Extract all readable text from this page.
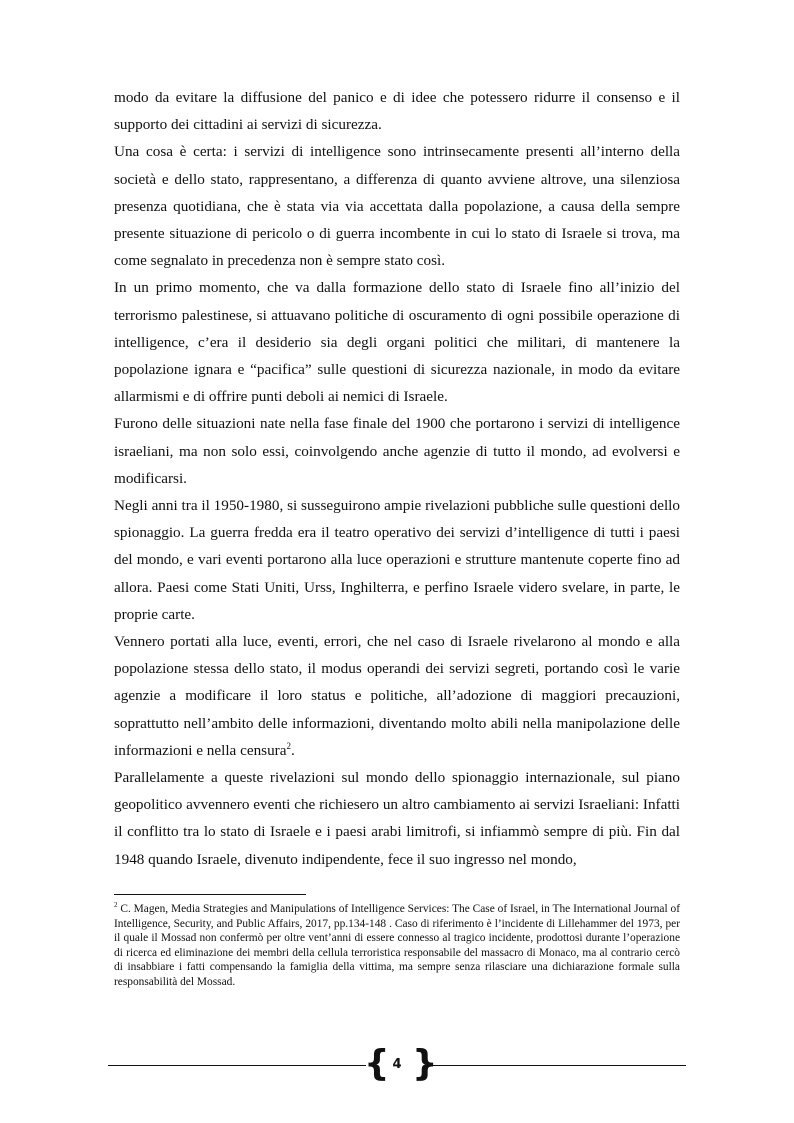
modo da evitare la diffusione del panico e di idee che potessero ridurre il consenso e il supporto dei cittadini ai servizi di sicurezza.

Una cosa è certa: i servizi di intelligence sono intrinsecamente presenti all’interno della società e dello stato, rappresentano, a differenza di quanto avviene altrove, una silenziosa presenza quotidiana, che è stata via via accettata dalla popolazione, a causa della sempre presente situazione di pericolo o di guerra incombente in cui lo stato di Israele si trova, ma come segnalato in precedenza non è sempre stato così.

In un primo momento, che va dalla formazione dello stato di Israele fino all’inizio del terrorismo palestinese, si attuavano politiche di oscuramento di ogni possibile operazione di intelligence, c’era il desiderio sia degli organi politici che militari, di mantenere la popolazione ignara e “pacifica” sulle questioni di sicurezza nazionale, in modo da evitare allarmismi e di offrire punti deboli ai nemici di Israele.

Furono delle situazioni nate nella fase finale del 1900 che portarono i servizi di intelligence israeliani, ma non solo essi, coinvolgendo anche agenzie di tutto il mondo, ad evolversi e modificarsi.

Negli anni tra il 1950-1980, si susseguirono ampie rivelazioni pubbliche sulle questioni dello spionaggio. La guerra fredda era il teatro operativo dei servizi d’intelligence di tutti i paesi del mondo, e vari eventi portarono alla luce operazioni e strutture mantenute coperte fino ad allora. Paesi come Stati Uniti, Urss, Inghilterra, e perfino Israele videro svelare, in parte, le proprie carte.

Vennero portati alla luce, eventi, errori, che nel caso di Israele rivelarono al mondo e alla popolazione stessa dello stato, il modus operandi dei servizi segreti, portando così le varie agenzie a modificare il loro status e politiche, all’adozione di maggiori precauzioni, soprattutto nell’ambito delle informazioni, diventando molto abili nella manipolazione delle informazioni e nella censura$^2$.

Parallelamente a queste rivelazioni sul mondo dello spionaggio internazionale, sul piano geopolitico avvennero eventi che richiesero un altro cambiamento ai servizi Israeliani: Infatti il conflitto tra lo stato di Israele e i paesi arabi limitrofi, si infiammò sempre di più. Fin dal 1948 quando Israele, divenuto indipendente, fece il suo ingresso nel mondo,

$^2$ C. Magen, Media Strategies and Manipulations of Intelligence Services: The Case of Israel, in The International Journal of Intelligence, Security, and Public Affairs, 2017, pp.134-148 . Caso di riferimento è l’incidente di Lillehammer del 1973, per il quale il Mossad non confermò per oltre vent’anni di essere connesso al tragico incidente, prodottosi durante l’operazione di ricerca ed eliminazione dei membri della cellula terroristica responsabile del massacro di Monaco, ma al contrario cercò di insabbiare i fatti compensando la famiglia della vittima, ma sempre senza rilasciare una dichiarazione formale sulla responsabilità del Mossad.

{ 4 }
